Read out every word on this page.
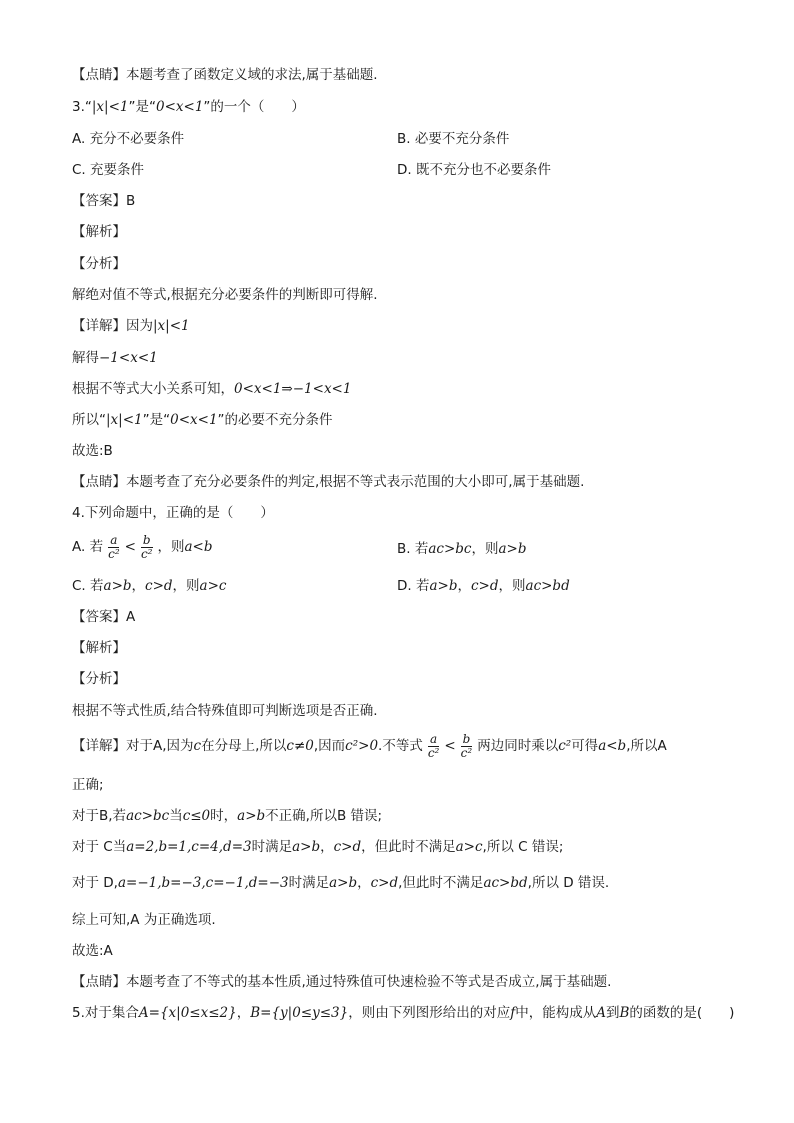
【点睛】本题考查了函数定义域的求法,属于基础题.
3.“|x|<1”是“0<x<1”的一个（　　）
A. 充分不必要条件	B. 必要不充分条件
C. 充要条件	D. 既不充分也不必要条件
【答案】B
【解析】
【分析】
解绝对值不等式,根据充分必要条件的判断即可得解.
【详解】因为|x|<1
解得−1<x<1
根据不等式大小关系可知，0<x<1⇒−1<x<1
所以“|x|<1”是“0<x<1”的必要不充分条件
故选:B
【点睛】本题考查了充分必要条件的判定,根据不等式表示范围的大小即可,属于基础题.
4.下列命题中，正确的是（　　）
A. 若 $\frac{a}{\text{c²}} < \frac{b}{\text{c²}}$ ，则a<b	B. 若ac>bc，则a>b
C. 若a>b，c>d，则a>c	D. 若a>b，c>d，则ac>bd
【答案】A
【解析】
【分析】
根据不等式性质,结合特殊值即可判断选项是否正确.
【详解】对于A,因为c在分母上,所以c≠0,因而c²>0.不等式 $\frac{a}{\text{c²}} < \frac{b}{\text{c²}}$ 两边同时乘以c²可得a<b,所以A
正确;
对于B,若ac>bc当c≤0时，a>b不正确,所以B 错误;
对于 C当a=2,b=1,c=4,d=3时满足a>b，c>d，但此时不满足a>c,所以 C 错误;
对于 D,a=−1,b=−3,c=−1,d=−3时满足a>b，c>d,但此时不满足ac>bd,所以 D 错误.
综上可知,A 为正确选项.
故选:A
【点睛】本题考查了不等式的基本性质,通过特殊值可快速检验不等式是否成立,属于基础题.
5.对于集合A={x|0≤x≤2}，B={y|0≤y≤3}，则由下列图形给出的对应f中，能构成从A到B的函数的是(　　)
